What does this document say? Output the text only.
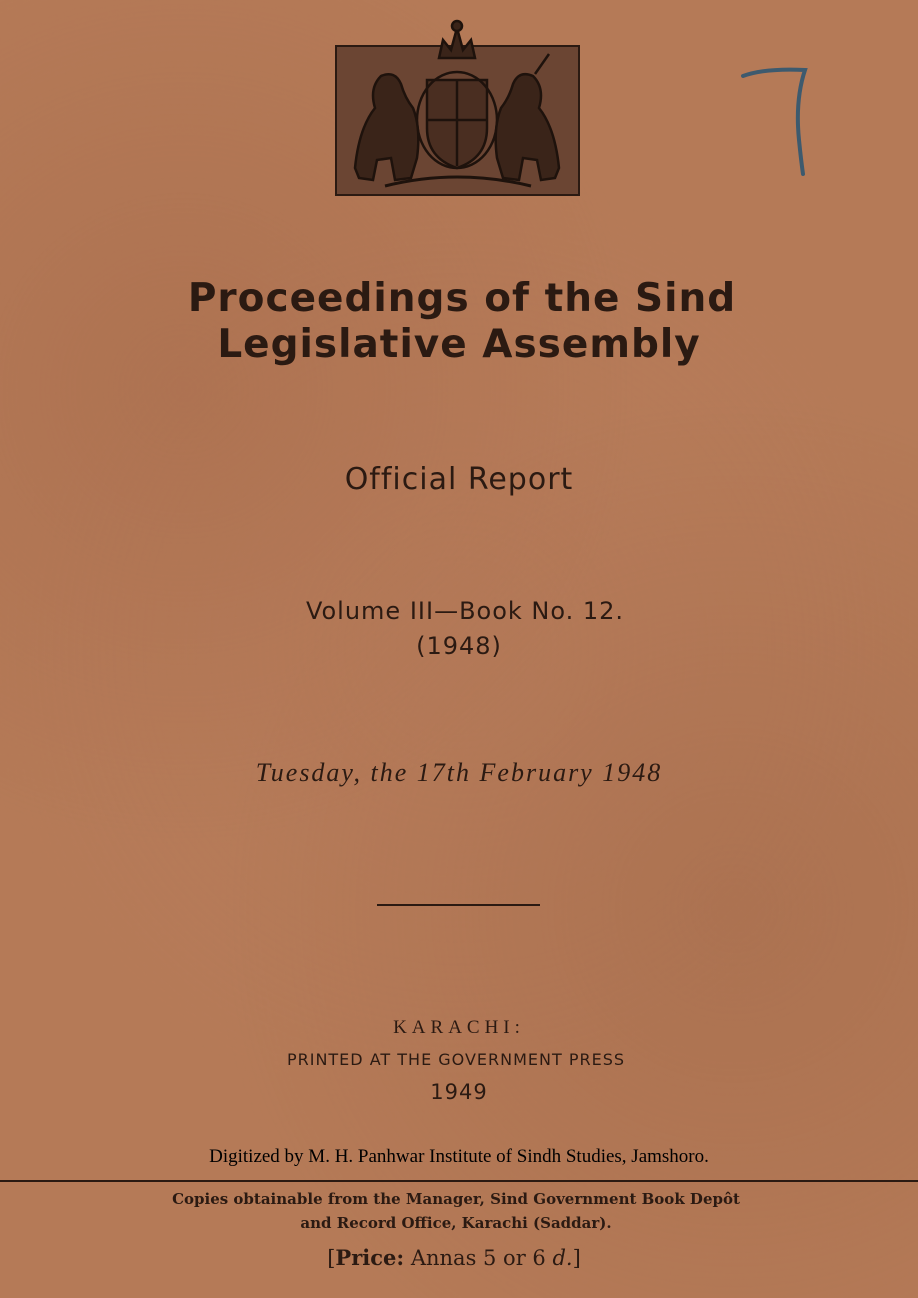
Proceedings of the Sind
Legislative Assembly
Official Report
Volume III—Book No. 12.
(1948)
Tuesday, the 17th February 1948
KARACHI:
PRINTED AT THE GOVERNMENT PRESS
1949
Digitized by M. H. Panhwar Institute of Sindh Studies, Jamshoro.
Copies obtainable from the Manager, Sind Government Book Depôt
and Record Office, Karachi (Saddar).
[Price: Annas 5 or 6 d.]
